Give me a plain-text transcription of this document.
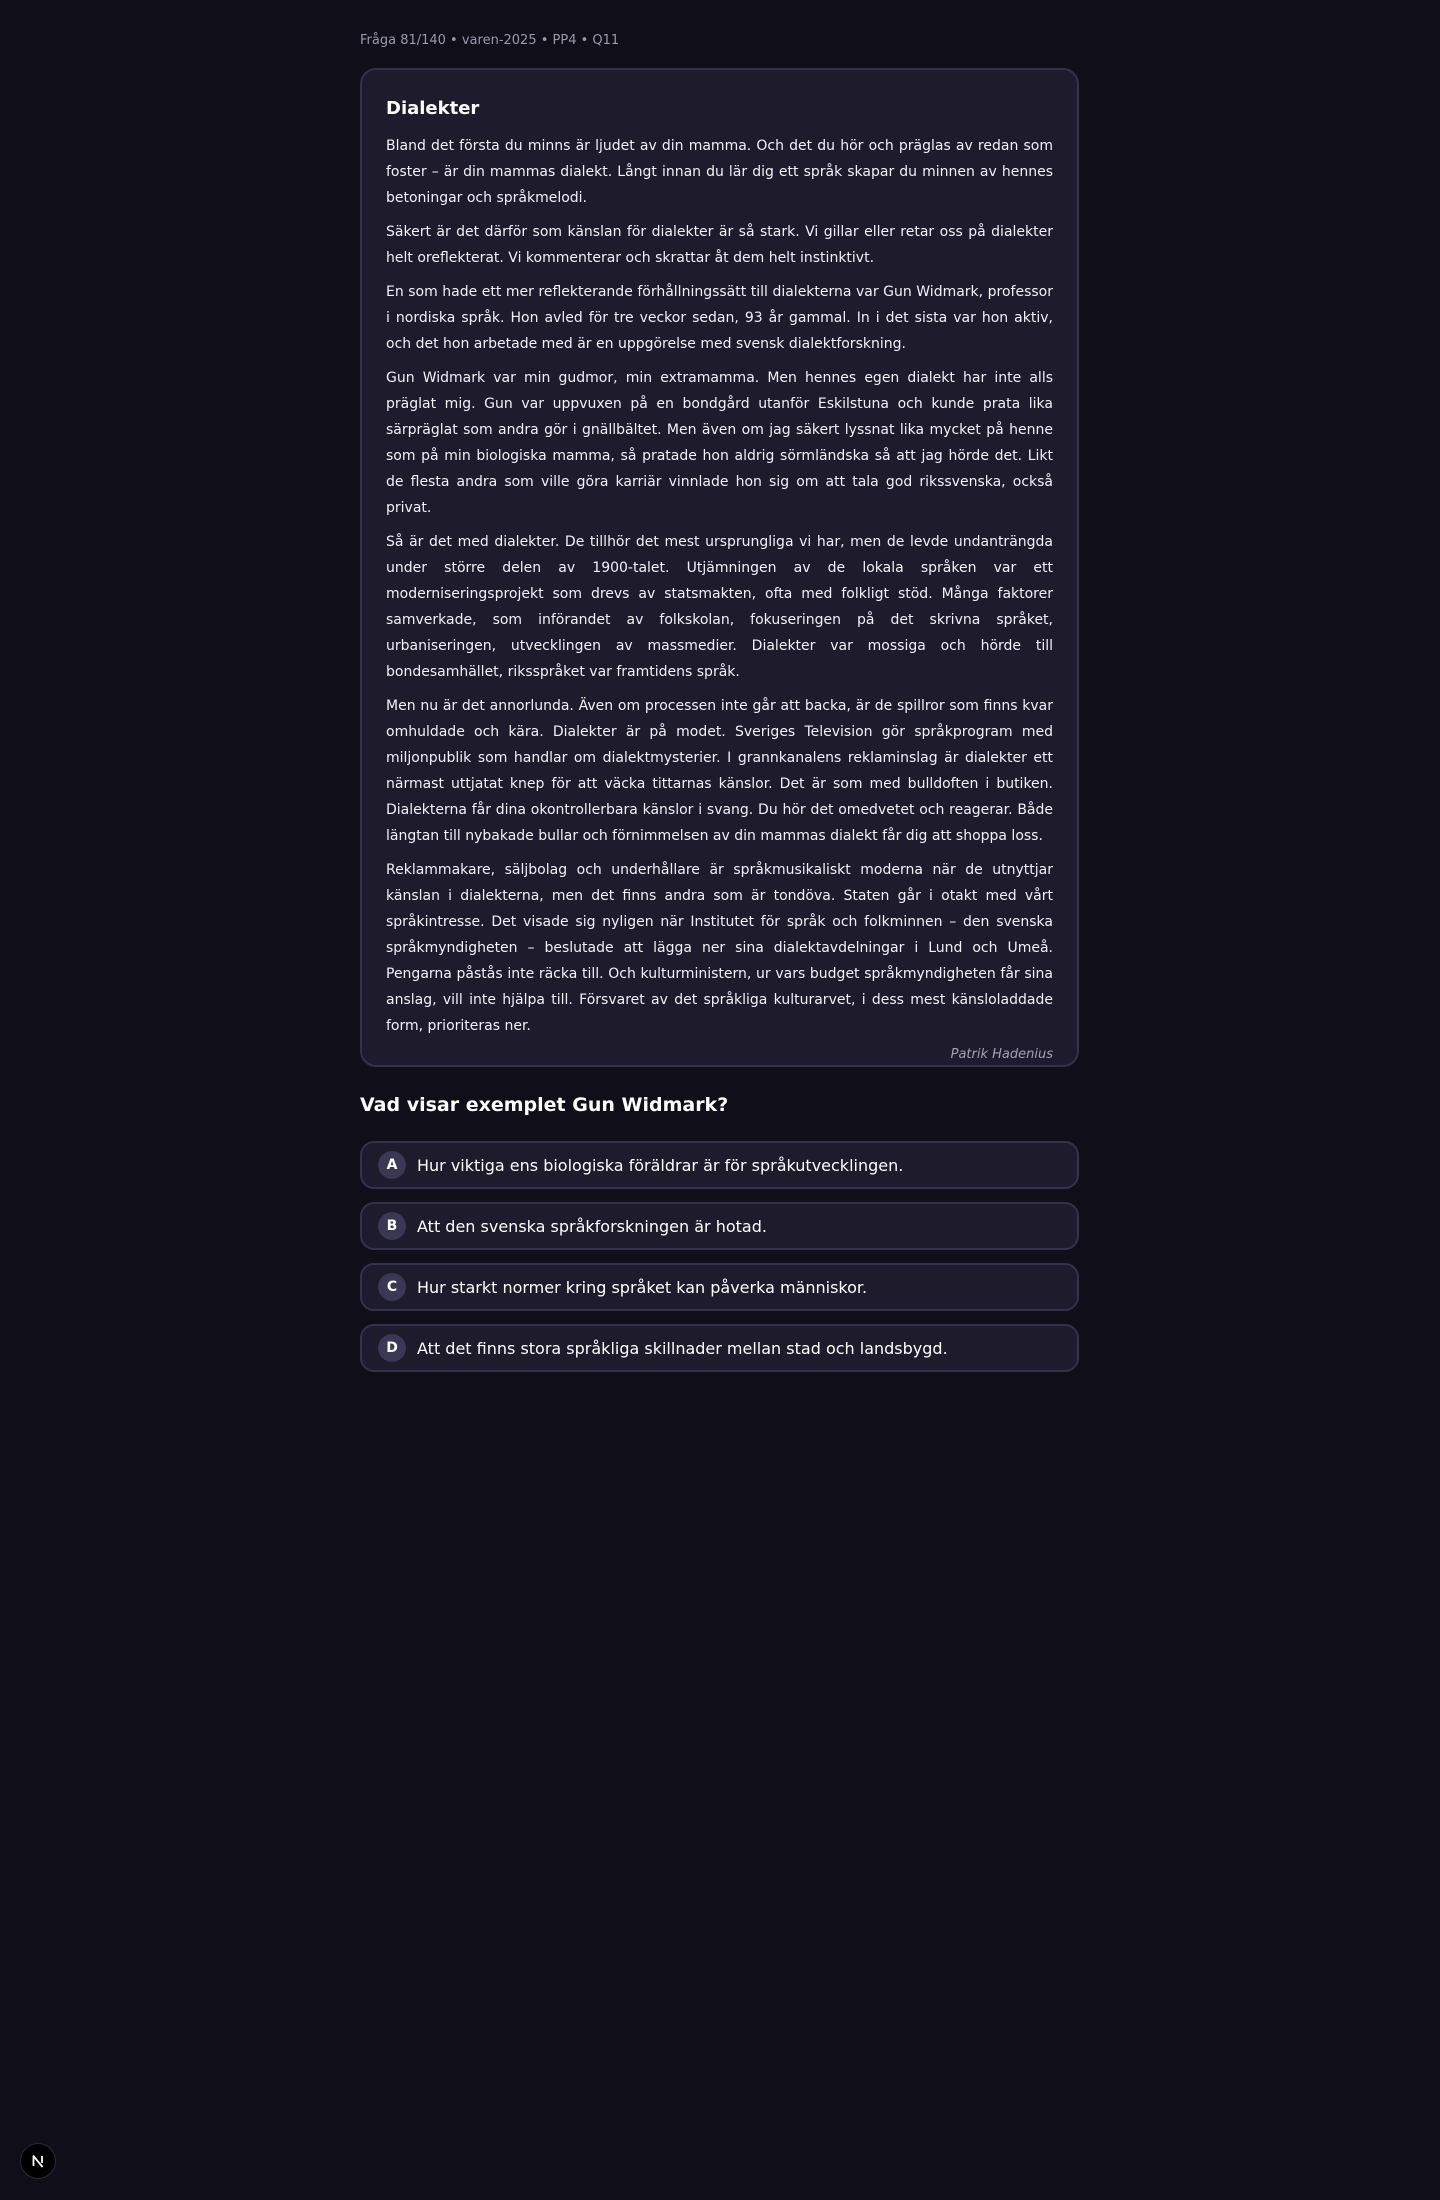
Fråga 81/140 • varen-2025 • PP4 • Q11
Dialekter

Bland det första du minns är ljudet av din mamma. Och det du hör och präglas av redan som foster – är din mammas dialekt. Långt innan du lär dig ett språk skapar du minnen av hennes betoningar och språkmelodi.

Säkert är det därför som känslan för dialekter är så stark. Vi gillar eller retar oss på dialekter helt oreflekterat. Vi kommenterar och skrattar åt dem helt instinktivt.

En som hade ett mer reflekterande förhållningssätt till dialekterna var Gun Widmark, professor i nordiska språk. Hon avled för tre veckor sedan, 93 år gammal. In i det sista var hon aktiv, och det hon arbetade med är en uppgörelse med svensk dialektforskning.

Gun Widmark var min gudmor, min extramamma. Men hennes egen dialekt har inte alls präglat mig. Gun var uppvuxen på en bondgård utanför Eskilstuna och kunde prata lika särpräglat som andra gör i gnällbältet. Men även om jag säkert lyssnat lika mycket på henne som på min biologiska mamma, så pratade hon aldrig sörmländska så att jag hörde det. Likt de flesta andra som ville göra karriär vinnlade hon sig om att tala god rikssvenska, också privat.

Så är det med dialekter. De tillhör det mest ursprungliga vi har, men de levde undanträngda under större delen av 1900-talet. Utjämningen av de lokala språken var ett moderniseringsprojekt som drevs av statsmakten, ofta med folkligt stöd. Många faktorer samverkade, som införandet av folkskolan, fokuseringen på det skrivna språket, urbaniseringen, utvecklingen av massmedier. Dialekter var mossiga och hörde till bondesamhället, riksspråket var framtidens språk.

Men nu är det annorlunda. Även om processen inte går att backa, är de spillror som finns kvar omhuldade och kära. Dialekter är på modet. Sveriges Television gör språkprogram med miljonpublik som handlar om dialektmysterier. I grannkanalens reklaminslag är dialekter ett närmast uttjatat knep för att väcka tittarnas känslor. Det är som med bulldoften i butiken. Dialekterna får dina okontrollerbara känslor i svang. Du hör det omedvetet och reagerar. Både längtan till nybakade bullar och förnimmelsen av din mammas dialekt får dig att shoppa loss.

Reklammakare, säljbolag och underhållare är språkmusikaliskt moderna när de utnyttjar känslan i dialekterna, men det finns andra som är tondöva. Staten går i otakt med vårt språkintresse. Det visade sig nyligen när Institutet för språk och folkminnen – den svenska språkmyndigheten – beslutade att lägga ner sina dialektavdelningar i Lund och Umeå. Pengarna påstås inte räcka till. Och kulturministern, ur vars budget språkmyndigheten får sina anslag, vill inte hjälpa till. Försvaret av det språkliga kulturarvet, i dess mest känsloladdade form, prioriteras ner.

Patrik Hadenius
Vad visar exemplet Gun Widmark?
A	Hur viktiga ens biologiska föräldrar är för språkutvecklingen.
B	Att den svenska språkforskningen är hotad.
C	Hur starkt normer kring språket kan påverka människor.
D	Att det finns stora språkliga skillnader mellan stad och landsbygd.
